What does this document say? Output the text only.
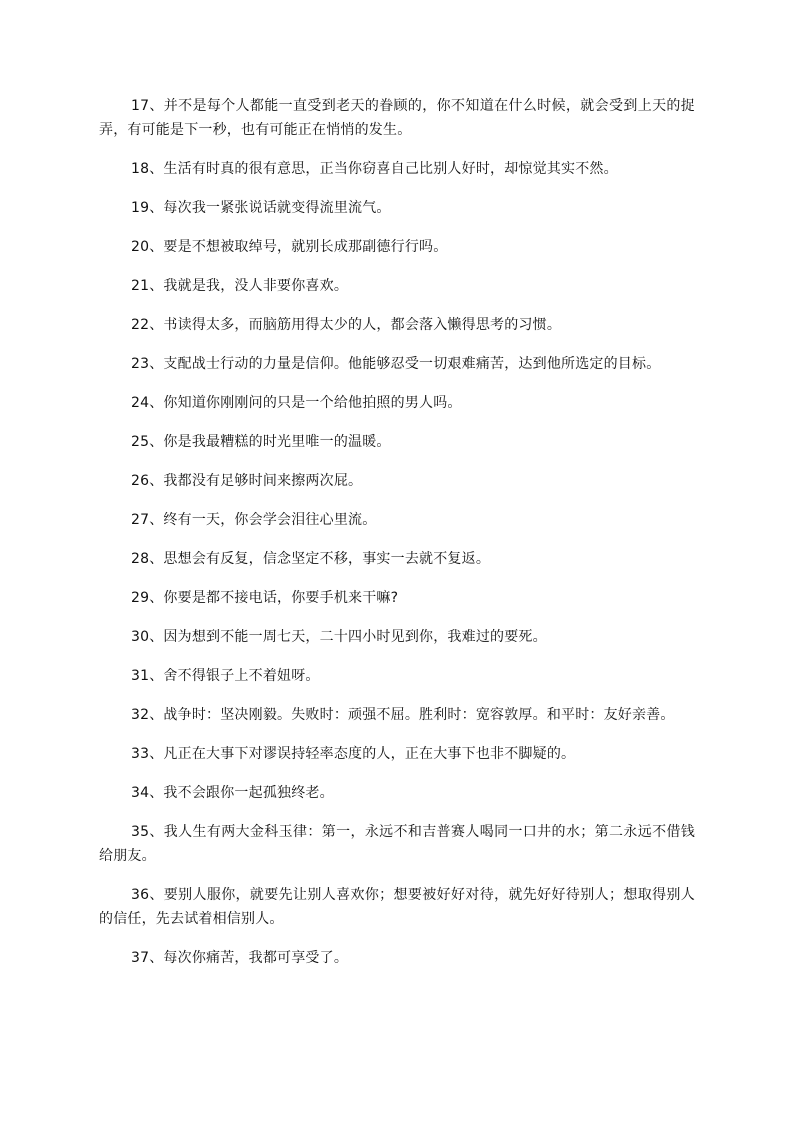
17、并不是每个人都能一直受到老天的眷顾的，你不知道在什么时候，就会受到上天的捉弄，有可能是下一秒，也有可能正在悄悄的发生。

18、生活有时真的很有意思，正当你窃喜自己比别人好时，却惊觉其实不然。

19、每次我一紧张说话就变得流里流气。

20、要是不想被取绰号，就别长成那副德行行吗。

21、我就是我，没人非要你喜欢。

22、书读得太多，而脑筋用得太少的人，都会落入懒得思考的习惯。

23、支配战士行动的力量是信仰。他能够忍受一切艰难痛苦，达到他所选定的目标。

24、你知道你刚刚问的只是一个给他拍照的男人吗。

25、你是我最糟糕的时光里唯一的温暖。

26、我都没有足够时间来擦两次屁。

27、终有一天，你会学会泪往心里流。

28、思想会有反复，信念坚定不移，事实一去就不复返。

29、你要是都不接电话，你要手机来干嘛?

30、因为想到不能一周七天，二十四小时见到你，我难过的要死。

31、舍不得银子上不着妞呀。

32、战争时：坚决刚毅。失败时：顽强不屈。胜利时：宽容敦厚。和平时：友好亲善。

33、凡正在大事下对谬误持轻率态度的人，正在大事下也非不脚疑的。

34、我不会跟你一起孤独终老。

35、我人生有两大金科玉律：第一，永远不和吉普赛人喝同一口井的水；第二永远不借钱给朋友。

36、要别人服你，就要先让别人喜欢你；想要被好好对待，就先好好待别人；想取得别人的信任，先去试着相信别人。

37、每次你痛苦，我都可享受了。
